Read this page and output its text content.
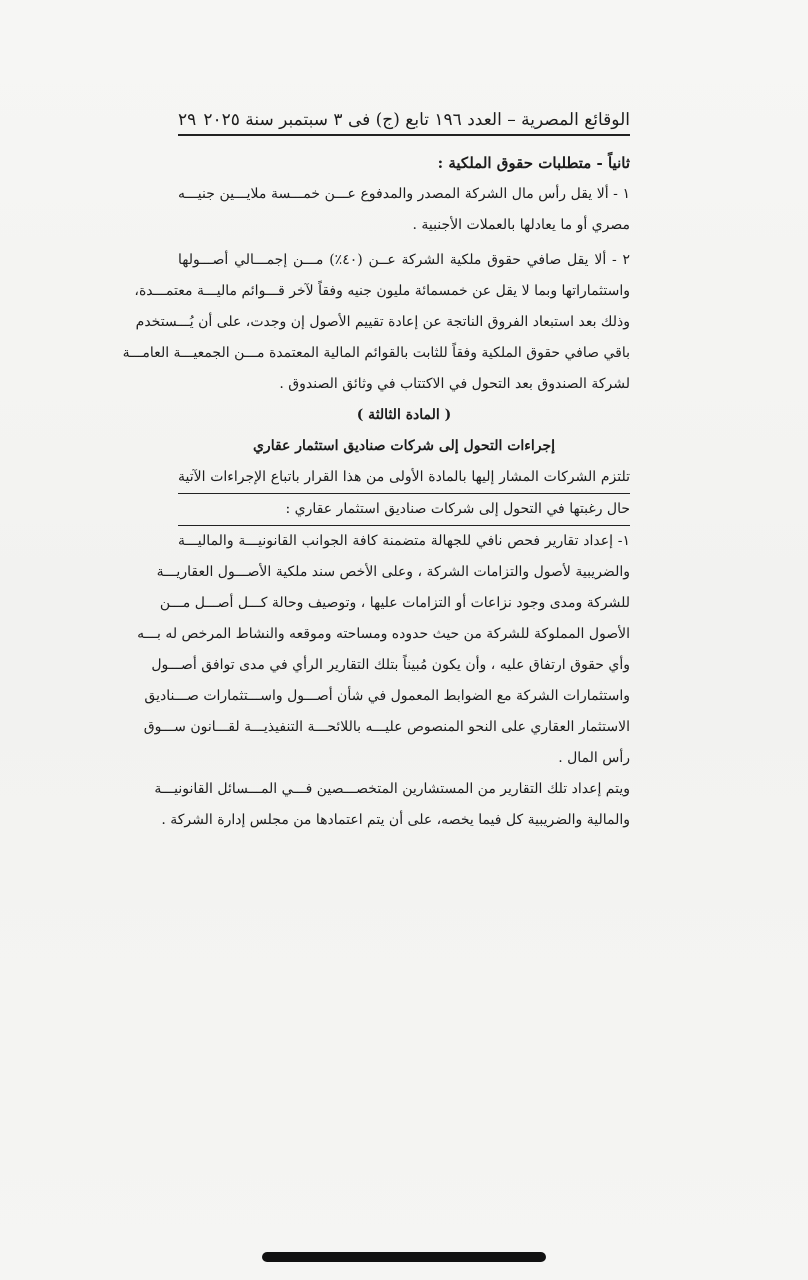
الوقائع المصرية – العدد ١٩٦ تابع (ج) فى ٣ سبتمبر سنة ٢٠٢٥
٢٩
ثانياً - متطلبات حقوق الملكية :
١ - ألا يقل رأس مال الشركة المصدر والمدفوع عـــن خمـــسة ملايـــين جنيـــه
مصري أو ما يعادلها بالعملات الأجنبية .
٢ - ألا يقل صافي حقوق ملكية الشركة عــن (٤٠٪) مـــن إجمـــالي أصـــولها
واستثماراتها وبما لا يقل عن خمسمائة مليون جنيه وفقاً لآخر قـــوائم ماليـــة معتمـــدة،
وذلك بعد استبعاد الفروق الناتجة عن إعادة تقييم الأصول إن وجدت، على أن يُـــستخدم
باقي صافي حقوق الملكية وفقاً للثابت بالقوائم المالية المعتمدة مـــن الجمعيـــة العامـــة
لشركة الصندوق بعد التحول في الاكتتاب في وثائق الصندوق .
( المادة الثالثة )
إجراءات التحول إلى شركات صناديق استثمار عقاري
تلتزم الشركات المشار إليها بالمادة الأولى من هذا القرار باتباع الإجراءات الآتية
حال رغبتها في التحول إلى شركات صناديق استثمار عقاري :
١- إعداد تقارير فحص نافي للجهالة متضمنة كافة الجوانب القانونيـــة والماليـــة
والضريبية لأصول والتزامات الشركة ، وعلى الأخص سند ملكية الأصـــول العقاريـــة
للشركة ومدى وجود نزاعات أو التزامات عليها ، وتوصيف وحالة كـــل أصـــل مـــن
الأصول المملوكة للشركة من حيث حدوده ومساحته وموقعه والنشاط المرخص له بـــه
وأي حقوق ارتفاق عليه ، وأن يكون مُبيناً بتلك التقارير الرأي في مدى توافق أصـــول
واستثمارات الشركة مع الضوابط المعمول في شأن أصـــول واســـتثمارات صـــناديق
الاستثمار العقاري على النحو المنصوص عليـــه باللائحـــة التنفيذيـــة لقـــانون ســـوق
رأس المال .
ويتم إعداد تلك التقارير من المستشارين المتخصـــصين فـــي المـــسائل القانونيـــة
والمالية والضريبية كل فيما يخصه، على أن يتم اعتمادها من مجلس إدارة الشركة .
